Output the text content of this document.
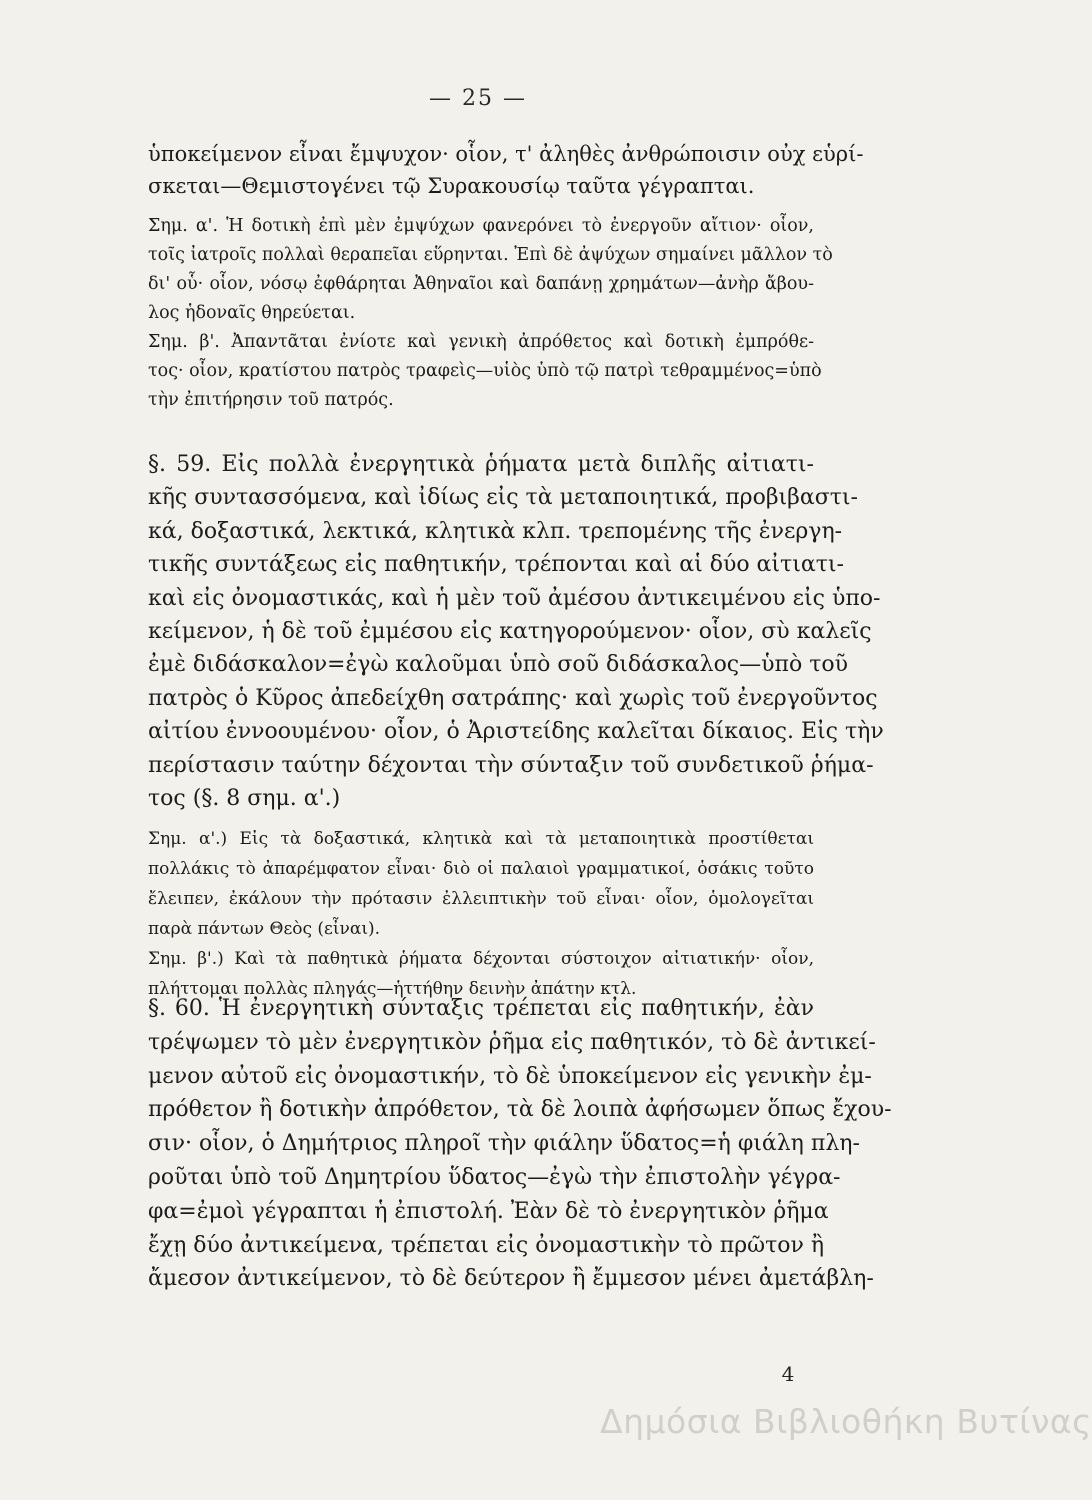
— 25 —

ὑποκείμενον εἶναι ἔμψυχον· οἷον, τ' ἀληθὲς ἀνθρώποισιν οὐχ εὑρί-

σκεται—Θεμιστογένει τῷ Συρακουσίῳ ταῦτα γέγραπται.

Σημ. α'. Ἡ δοτικὴ ἐπὶ μὲν ἐμψύχων φανερόνει τὸ ἐνεργοῦν αἴτιον· οἷον,

τοῖς ἰατροῖς πολλαὶ θεραπεῖαι εὕρηνται. Ἐπὶ δὲ ἀψύχων σημαίνει μᾶλλον τὸ

δι' οὗ· οἷον, νόσῳ ἐφθάρηται Ἀθηναῖοι καὶ δαπάνῃ χρημάτων—ἀνὴρ ἄβου-

λος ἡδοναῖς θηρεύεται.

Σημ. β'. Ἀπαντᾶται ἐνίοτε καὶ γενικὴ ἀπρόθετος καὶ δοτικὴ ἐμπρόθε-

τος· οἷον, κρατίστου πατρὸς τραφεὶς—υἱὸς ὑπὸ τῷ πατρὶ τεθραμμένος=ὑπὸ

τὴν ἐπιτήρησιν τοῦ πατρός.

§. 59. Εἰς πολλὰ ἐνεργητικὰ ῥήματα μετὰ διπλῆς αἰτιατι-

κῆς συντασσόμενα, καὶ ἰδίως εἰς τὰ μεταποιητικά, προβιβαστι-

κά, δοξαστικά, λεκτικά, κλητικὰ κλπ. τρεπομένης τῆς ἐνεργη-

τικῆς συντάξεως εἰς παθητικήν, τρέπονται καὶ αἱ δύο αἰτιατι-

καὶ εἰς ὀνομαστικάς, καὶ ἡ μὲν τοῦ ἀμέσου ἀντικειμένου εἰς ὑπο-

κείμενον, ἡ δὲ τοῦ ἐμμέσου εἰς κατηγορούμενον· οἷον, σὺ καλεῖς

ἐμὲ διδάσκαλον=ἐγὼ καλοῦμαι ὑπὸ σοῦ διδάσκαλος—ὑπὸ τοῦ

πατρὸς ὁ Κῦρος ἀπεδείχθη σατράπης· καὶ χωρὶς τοῦ ἐνεργοῦντος

αἰτίου ἐννοουμένου· οἷον, ὁ Ἀριστείδης καλεῖται δίκαιος. Εἰς τὴν

περίστασιν ταύτην δέχονται τὴν σύνταξιν τοῦ συνδετικοῦ ῥήμα-

τος (§. 8 σημ. α'.)

Σημ. α'.) Εἰς τὰ δοξαστικά, κλητικὰ καὶ τὰ μεταποιητικὰ προστίθεται

πολλάκις τὸ ἀπαρέμφατον εἶναι· διὸ οἱ παλαιοὶ γραμματικοί, ὁσάκις τοῦτο

ἔλειπεν, ἐκάλουν τὴν πρότασιν ἐλλειπτικὴν τοῦ εἶναι· οἷον, ὁμολογεῖται

παρὰ πάντων Θεὸς (εἶναι).

Σημ. β'.) Καὶ τὰ παθητικὰ ῥήματα δέχονται σύστοιχον αἰτιατικήν· οἷον,

πλήττομαι πολλὰς πληγάς—ἡττήθην δεινὴν ἀπάτην κτλ.

§. 60. Ἡ ἐνεργητικὴ σύνταξις τρέπεται εἰς παθητικήν, ἐὰν

τρέψωμεν τὸ μὲν ἐνεργητικὸν ῥῆμα εἰς παθητικόν, τὸ δὲ ἀντικεί-

μενον αὐτοῦ εἰς ὀνομαστικήν, τὸ δὲ ὑποκείμενον εἰς γενικὴν ἐμ-

πρόθετον ἢ δοτικὴν ἀπρόθετον, τὰ δὲ λοιπὰ ἀφήσωμεν ὅπως ἔχου-

σιν· οἷον, ὁ Δημήτριος πληροῖ τὴν φιάλην ὕδατος=ἡ φιάλη πλη-

ροῦται ὑπὸ τοῦ Δημητρίου ὕδατος—ἐγὼ τὴν ἐπιστολὴν γέγρα-

φα=ἐμοὶ γέγραπται ἡ ἐπιστολή. Ἐὰν δὲ τὸ ἐνεργητικὸν ῥῆμα

ἔχῃ δύο ἀντικείμενα, τρέπεται εἰς ὀνομαστικὴν τὸ πρῶτον ἢ

ἄμεσον ἀντικείμενον, τὸ δὲ δεύτερον ἢ ἔμμεσον μένει ἀμετάβλη-

4
Δημόσια Βιβλιοθήκη Βυτίνας
